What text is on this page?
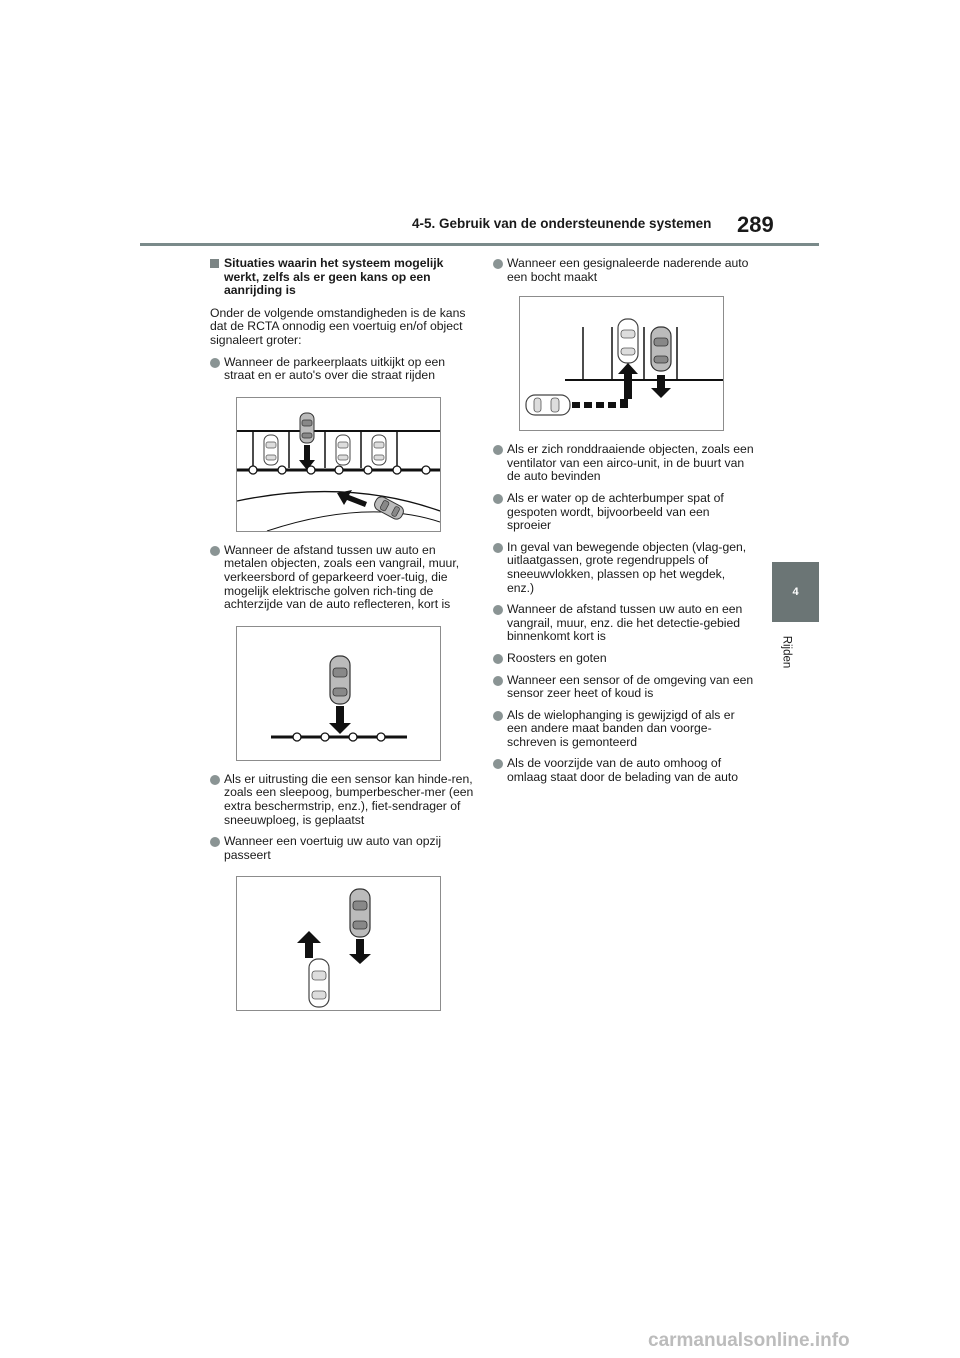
4-5. Gebruik van de ondersteunende systemen 289
4
Rijden
Situaties waarin het systeem mogelijk werkt, zelfs als er geen kans op een aanrijding is
Onder de volgende omstandigheden is de kans dat de RCTA onnodig een voertuig en/of object signaleert groter:
Wanneer de parkeerplaats uitkijkt op een straat en er auto's over die straat rijden
Wanneer de afstand tussen uw auto en metalen objecten, zoals een vangrail, muur, verkeersbord of geparkeerd voer-tuig, die mogelijk elektrische golven rich-ting de achterzijde van de auto reflecteren, kort is
Als er uitrusting die een sensor kan hinde-ren, zoals een sleepoog, bumperbescher-mer (een extra beschermstrip, enz.), fiet-sendrager of sneeuwploeg, is geplaatst
Wanneer een voertuig uw auto van opzij passeert
Wanneer een gesignaleerde naderende auto een bocht maakt
Als er zich ronddraaiende objecten, zoals een ventilator van een airco-unit, in de buurt van de auto bevinden
Als er water op de achterbumper spat of gespoten wordt, bijvoorbeeld van een sproeier
In geval van bewegende objecten (vlag-gen, uitlaatgassen, grote regendruppels of sneeuwvlokken, plassen op het wegdek, enz.)
Wanneer de afstand tussen uw auto en een vangrail, muur, enz. die het detectie-gebied binnenkomt kort is
Roosters en goten
Wanneer een sensor of de omgeving van een sensor zeer heet of koud is
Als de wielophanging is gewijzigd of als er een andere maat banden dan voorge-schreven is gemonteerd
Als de voorzijde van de auto omhoog of omlaag staat door de belading van de auto
carmanualsonline.info
